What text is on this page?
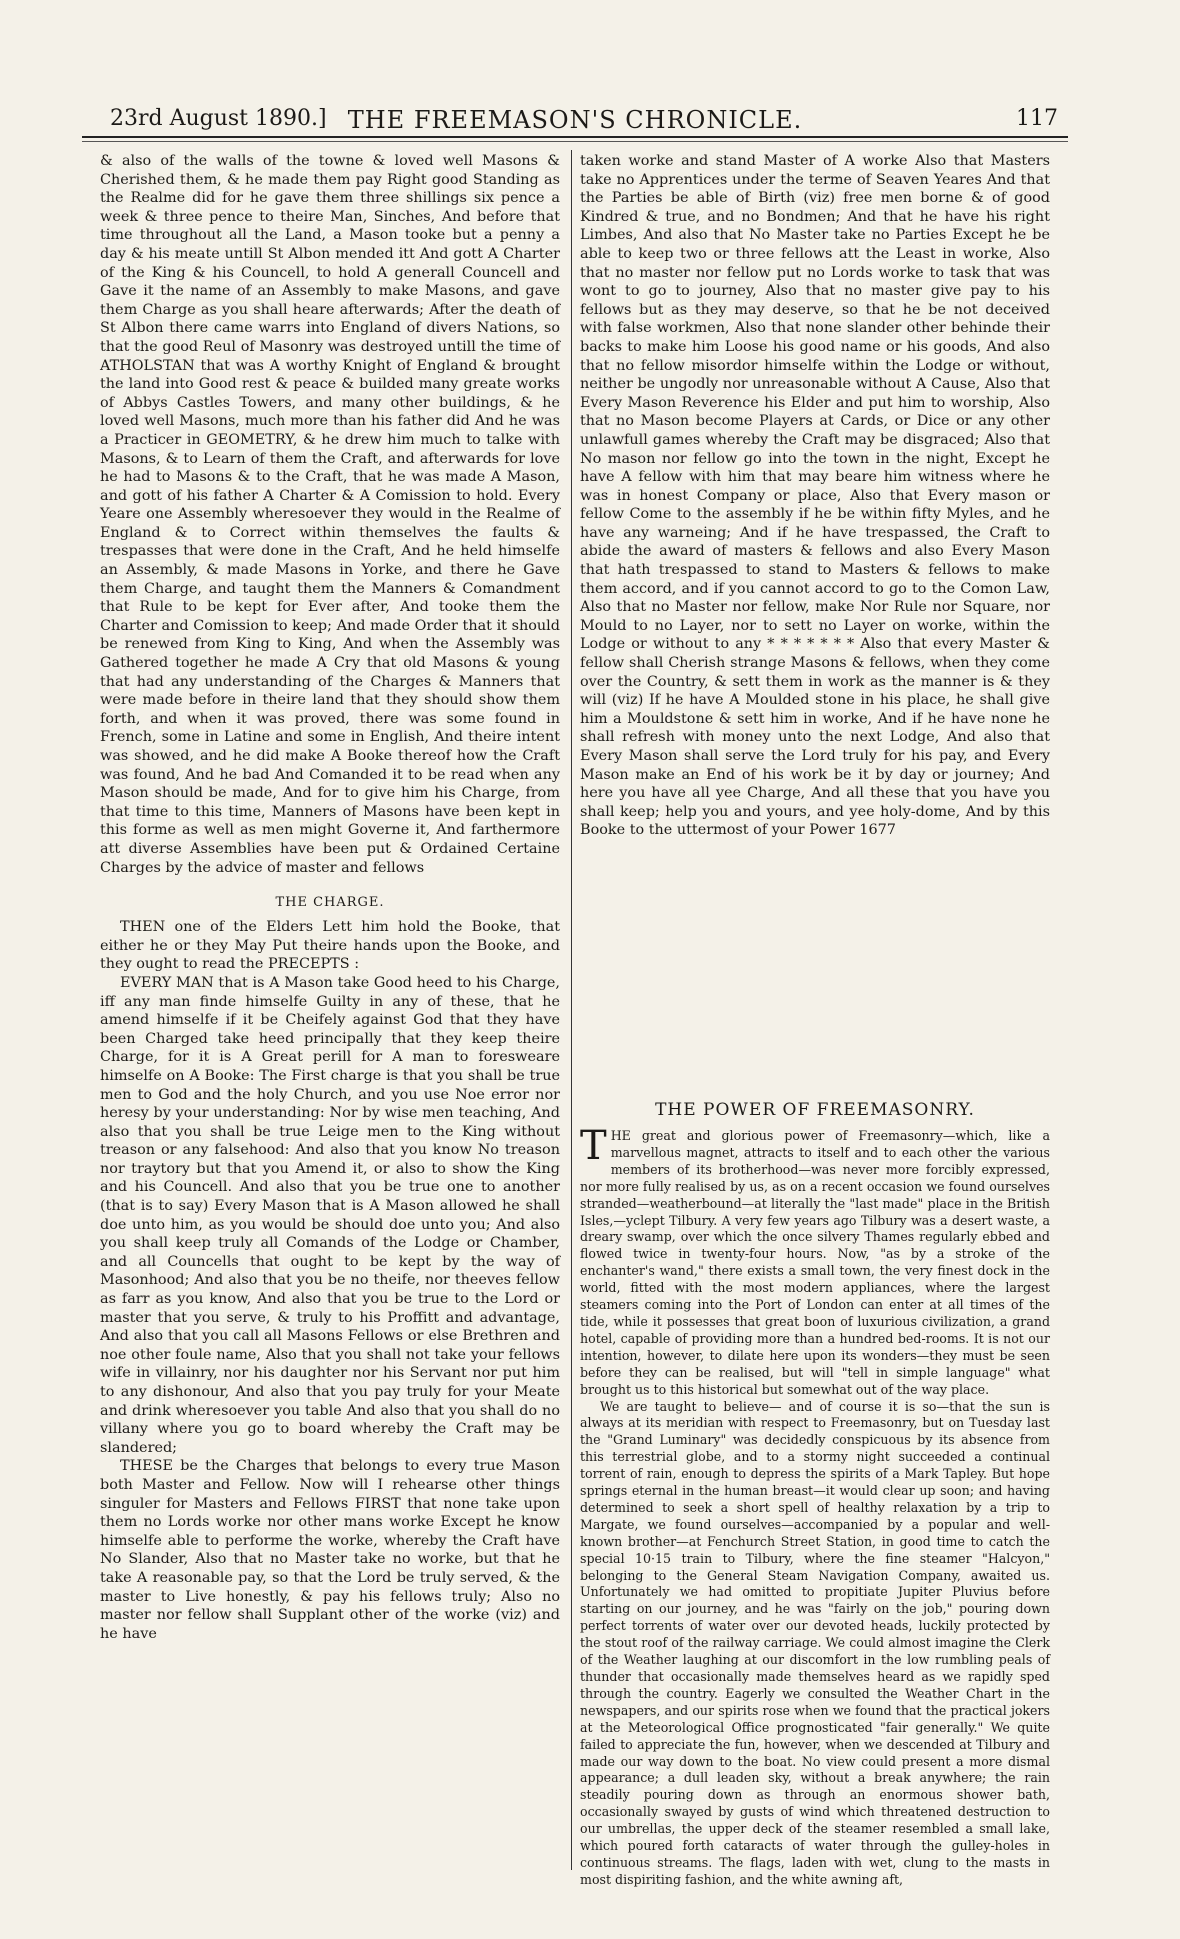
23rd August 1890.] THE FREEMASON'S CHRONICLE.	117

& also of the walls of the towne & loved well Masons & Cherished them, & he made them pay Right good Standing as the Realme did for he gave them three shillings six pence a week & three pence to theire Man, Sinches, And before that time throughout all the Land, a Mason tooke but a penny a day & his meate untill St Albon mended itt And gott A Charter of the King & his Councell, to hold A generall Councell and Gave it the name of an Assembly to make Masons, and gave them Charge as you shall heare afterwards; After the death of St Albon there came warrs into England of divers Nations, so that the good Reul of Masonry was destroyed untill the time of ATHOLSTAN that was A worthy Knight of England & brought the land into Good rest & peace & builded many greate works of Abbys Castles Towers, and many other buildings, & he loved well Masons, much more than his father did And he was a Practicer in GEOMETRY, & he drew him much to talke with Masons, & to Learn of them the Craft, and afterwards for love he had to Masons & to the Craft, that he was made A Mason, and gott of his father A Charter & A Comission to hold. Every Yeare one Assembly wheresoever they would in the Realme of England & to Correct within themselves the faults & trespasses that were done in the Craft, And he held himselfe an Assembly, & made Masons in Yorke, and there he Gave them Charge, and taught them the Manners & Comandment that Rule to be kept for Ever after, And tooke them the Charter and Comission to keep; And made Order that it should be renewed from King to King, And when the Assembly was Gathered together he made A Cry that old Masons & young that had any understanding of the Charges & Manners that were made before in theire land that they should show them forth, and when it was proved, there was some found in French, some in Latine and some in English, And theire intent was showed, and he did make A Booke thereof how the Craft was found, And he bad And Comanded it to be read when any Mason should be made, And for to give him his Charge, from that time to this time, Manners of Masons have been kept in this forme as well as men might Governe it, And farthermore att diverse Assemblies have been put & Ordained Certaine Charges by the advice of master and fellows

THE CHARGE.

THEN one of the Elders Lett him hold the Booke, that either he or they May Put theire hands upon the Booke, and they ought to read the PRECEPTS :

EVERY MAN that is A Mason take Good heed to his Charge, iff any man finde himselfe Guilty in any of these, that he amend himselfe if it be Cheifely against God that they have been Charged take heed principally that they keep theire Charge, for it is A Great perill for A man to foresweare himselfe on A Booke: The First charge is that you shall be true men to God and the holy Church, and you use Noe error nor heresy by your understanding: Nor by wise men teaching, And also that you shall be true Leige men to the King without treason or any falsehood: And also that you know No treason nor traytory but that you Amend it, or also to show the King and his Councell. And also that you be true one to another (that is to say) Every Mason that is A Mason allowed he shall doe unto him, as you would be should doe unto you; And also you shall keep truly all Comands of the Lodge or Chamber, and all Councells that ought to be kept by the way of Masonhood; And also that you be no theife, nor theeves fellow as farr as you know, And also that you be true to the Lord or master that you serve, & truly to his Proffitt and advantage, And also that you call all Masons Fellows or else Brethren and noe other foule name, Also that you shall not take your fellows wife in villainry, nor his daughter nor his Servant nor put him to any dishonour, And also that you pay truly for your Meate and drink wheresoever you table And also that you shall do no villany where you go to board whereby the Craft may be slandered;

THESE be the Charges that belongs to every true Mason both Master and Fellow. Now will I rehearse other things singuler for Masters and Fellows FIRST that none take upon them no Lords worke nor other mans worke Except he know himselfe able to performe the worke, whereby the Craft have No Slander, Also that no Master take no worke, but that he take A reasonable pay, so that the Lord be truly served, & the master to Live honestly, & pay his fellows truly; Also no master nor fellow shall Supplant other of the worke (viz) and he have

taken worke and stand Master of A worke Also that Masters take no Apprentices under the terme of Seaven Yeares And that the Parties be able of Birth (viz) free men borne & of good Kindred & true, and no Bondmen; And that he have his right Limbes, And also that No Master take no Parties Except he be able to keep two or three fellows att the Least in worke, Also that no master nor fellow put no Lords worke to task that was wont to go to journey, Also that no master give pay to his fellows but as they may deserve, so that he be not deceived with false workmen, Also that none slander other behinde their backs to make him Loose his good name or his goods, And also that no fellow misordor himselfe within the Lodge or without, neither be ungodly nor unreasonable without A Cause, Also that Every Mason Reverence his Elder and put him to worship, Also that no Mason become Players at Cards, or Dice or any other unlawfull games whereby the Craft may be disgraced; Also that No mason nor fellow go into the town in the night, Except he have A fellow with him that may beare him witness where he was in honest Company or place, Also that Every mason or fellow Come to the assembly if he be within fifty Myles, and he have any warneing; And if he have trespassed, the Craft to abide the award of masters & fellows and also Every Mason that hath trespassed to stand to Masters & fellows to make them accord, and if you cannot accord to go to the Comon Law, Also that no Master nor fellow, make Nor Rule nor Square, nor Mould to no Layer, nor to sett no Layer on worke, within the Lodge or without to any * * * * * * * Also that every Master & fellow shall Cherish strange Masons & fellows, when they come over the Country, & sett them in work as the manner is & they will (viz) If he have A Moulded stone in his place, he shall give him a Mouldstone & sett him in worke, And if he have none he shall refresh with money unto the next Lodge, And also that Every Mason shall serve the Lord truly for his pay, and Every Mason make an End of his work be it by day or journey; And here you have all yee Charge, And all these that you have you shall keep; help you and yours, and yee holy-dome, And by this Booke to the uttermost of your Power 1677

THE POWER OF FREEMASONRY.

THE great and glorious power of Freemasonry—which, like a marvellous magnet, attracts to itself and to each other the various members of its brotherhood—was never more forcibly expressed, nor more fully realised by us, as on a recent occasion we found ourselves stranded—weatherbound—at literally the "last made" place in the British Isles,—yclept Tilbury. A very few years ago Tilbury was a desert waste, a dreary swamp, over which the once silvery Thames regularly ebbed and flowed twice in twenty-four hours. Now, "as by a stroke of the enchanter's wand," there exists a small town, the very finest dock in the world, fitted with the most modern appliances, where the largest steamers coming into the Port of London can enter at all times of the tide, while it possesses that great boon of luxurious civilization, a grand hotel, capable of providing more than a hundred bed-rooms. It is not our intention, however, to dilate here upon its wonders—they must be seen before they can be realised, but will "tell in simple language" what brought us to this historical but somewhat out of the way place.

We are taught to believe— and of course it is so—that the sun is always at its meridian with respect to Freemasonry, but on Tuesday last the "Grand Luminary" was decidedly conspicuous by its absence from this terrestrial globe, and to a stormy night succeeded a continual torrent of rain, enough to depress the spirits of a Mark Tapley. But hope springs eternal in the human breast—it would clear up soon; and having determined to seek a short spell of healthy relaxation by a trip to Margate, we found ourselves—accompanied by a popular and well-known brother—at Fenchurch Street Station, in good time to catch the special 10·15 train to Tilbury, where the fine steamer "Halcyon," belonging to the General Steam Navigation Company, awaited us. Unfortunately we had omitted to propitiate Jupiter Pluvius before starting on our journey, and he was "fairly on the job," pouring down perfect torrents of water over our devoted heads, luckily protected by the stout roof of the railway carriage. We could almost imagine the Clerk of the Weather laughing at our discomfort in the low rumbling peals of thunder that occasionally made themselves heard as we rapidly sped through the country. Eagerly we consulted the Weather Chart in the newspapers, and our spirits rose when we found that the practical jokers at the Meteorological Office prognosticated "fair generally." We quite failed to appreciate the fun, however, when we descended at Tilbury and made our way down to the boat. No view could present a more dismal appearance; a dull leaden sky, without a break anywhere; the rain steadily pouring down as through an enormous shower bath, occasionally swayed by gusts of wind which threatened destruction to our umbrellas, the upper deck of the steamer resembled a small lake, which poured forth cataracts of water through the gulley-holes in continuous streams. The flags, laden with wet, clung to the masts in most dispiriting fashion, and the white awning aft,
